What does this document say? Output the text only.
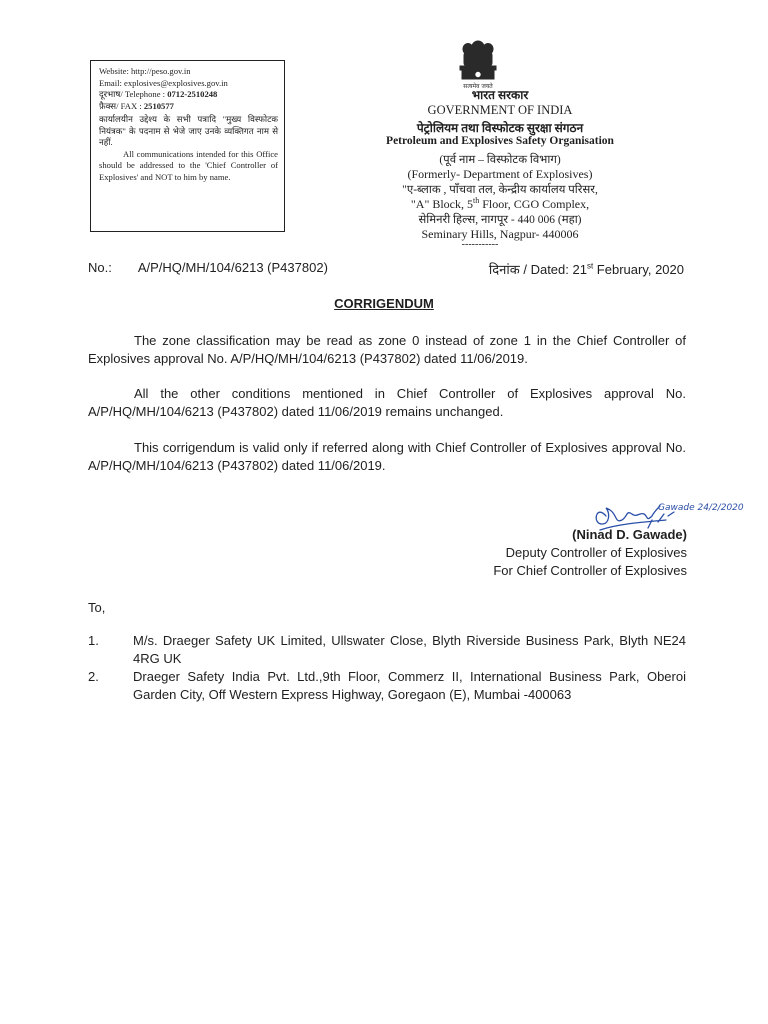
Website: http://peso.gov.in
Email: explosives@explosives.gov.in
दूरभाष/ Telephone : 0712-2510248
फ़ैक्स/ FAX : 2510577
कार्यालयीन उद्देश्य के सभी पत्रादि "मुख्य विस्फोटक नियंत्रक" के पदनाम से भेजे जाए उनके व्यक्तिगत नाम से नहीं.
All communications intended for this Office should be addressed to the 'Chief Controller of Explosives' and NOT to him by name.
सत्यमेव जयते
भारत सरकार
GOVERNMENT OF INDIA
पेट्रोलियम तथा विस्फोटक सुरक्षा संगठन
Petroleum and Explosives Safety Organisation
(पूर्व नाम – विस्फोटक विभाग)
(Formerly- Department of Explosives)
"ए-ब्लाक , पाँचवा तल, केन्द्रीय कार्यालय परिसर,
"A" Block, 5th Floor, CGO Complex,
सेमिनरी हिल्स, नागपूर - 440 006 (महा)
Seminary Hills, Nagpur- 440006
-----------
No.: A/P/HQ/MH/104/6213 (P437802)	दिनांक / Dated: 21st February, 2020
CORRIGENDUM
The zone classification may be read as zone 0 instead of zone 1 in the Chief Controller of Explosives approval No. A/P/HQ/MH/104/6213 (P437802) dated 11/06/2019.
All the other conditions mentioned in Chief Controller of Explosives approval No. A/P/HQ/MH/104/6213 (P437802) dated 11/06/2019 remains unchanged.
This corrigendum is valid only if referred along with Chief Controller of Explosives approval No. A/P/HQ/MH/104/6213 (P437802) dated 11/06/2019.
Gawade 24/2/2020
(Ninad D. Gawade)
Deputy Controller of Explosives
For Chief Controller of Explosives
To,
1.	M/s. Draeger Safety UK Limited, Ullswater Close, Blyth Riverside Business Park, Blyth NE24 4RG UK
2.	Draeger Safety India Pvt. Ltd.,9th Floor, Commerz II, International Business Park, Oberoi Garden City, Off Western Express Highway, Goregaon (E), Mumbai -400063
